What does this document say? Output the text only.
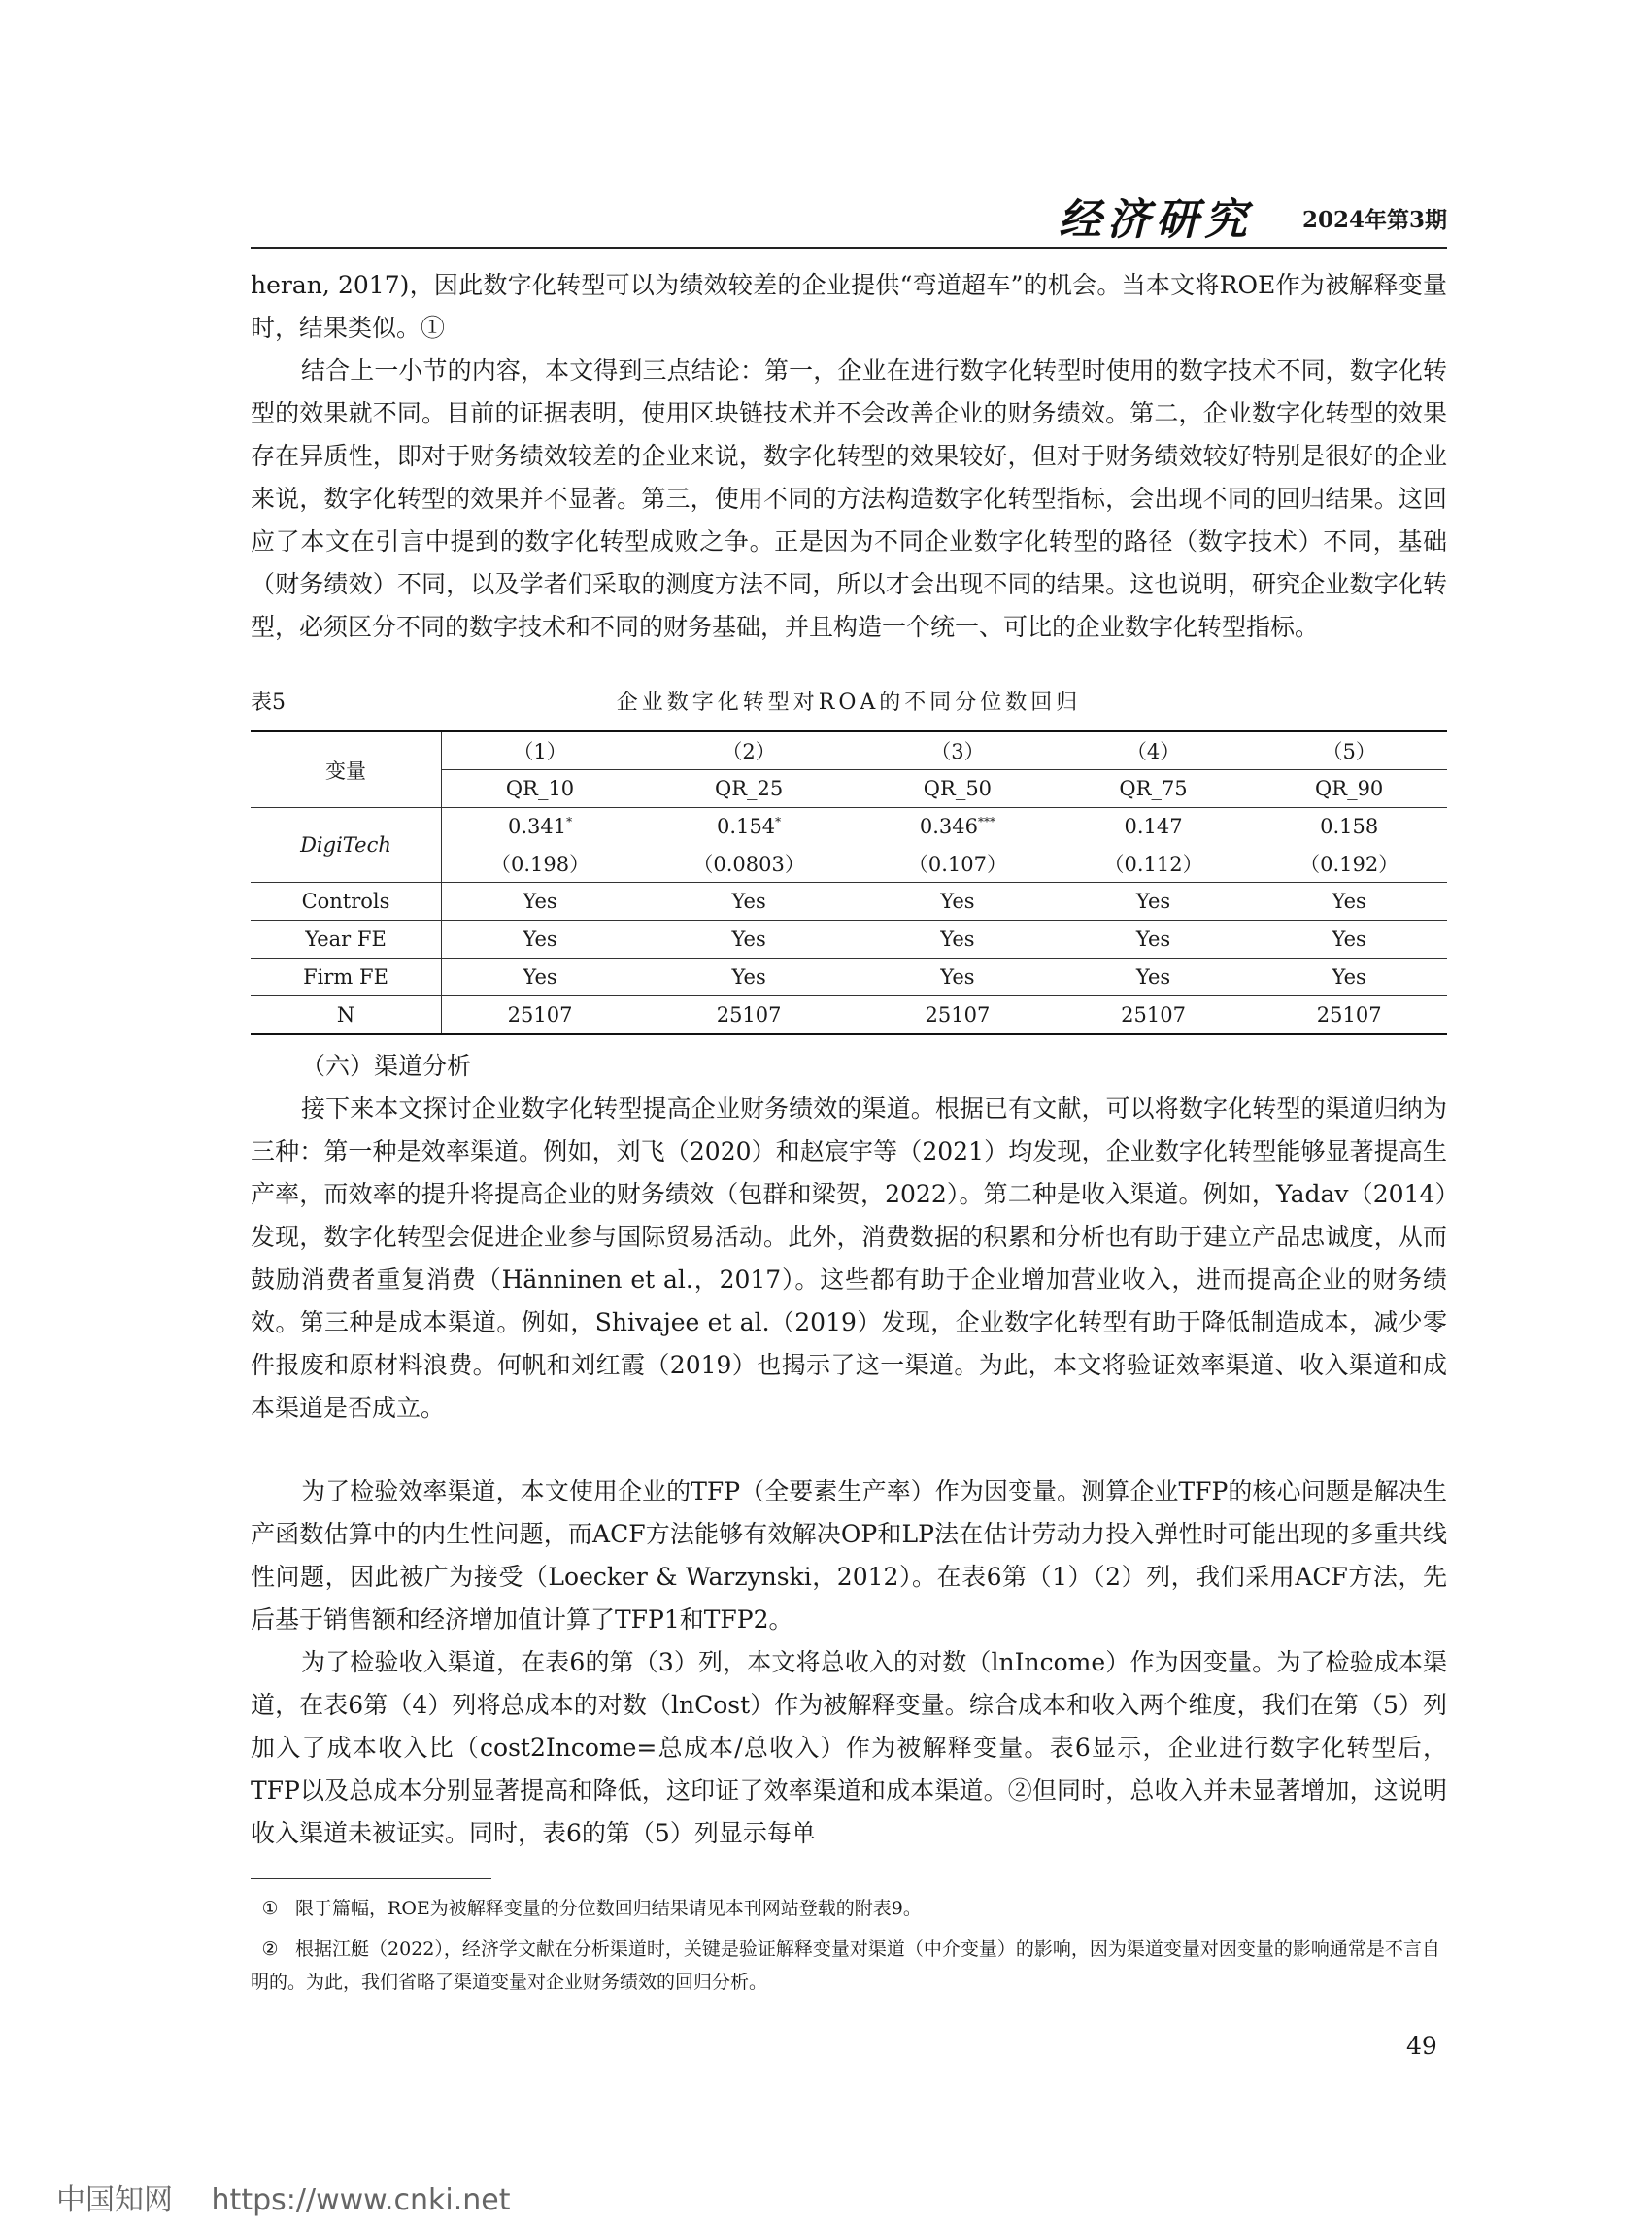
经济研究 2024年第3期

heran, 2017)，因此数字化转型可以为绩效较差的企业提供“弯道超车”的机会。当本文将ROE作为被解释变量时，结果类似。①

结合上一小节的内容，本文得到三点结论：第一，企业在进行数字化转型时使用的数字技术不同，数字化转型的效果就不同。目前的证据表明，使用区块链技术并不会改善企业的财务绩效。第二，企业数字化转型的效果存在异质性，即对于财务绩效较差的企业来说，数字化转型的效果较好，但对于财务绩效较好特别是很好的企业来说，数字化转型的效果并不显著。第三，使用不同的方法构造数字化转型指标，会出现不同的回归结果。这回应了本文在引言中提到的数字化转型成败之争。正是因为不同企业数字化转型的路径（数字技术）不同，基础（财务绩效）不同，以及学者们采取的测度方法不同，所以才会出现不同的结果。这也说明，研究企业数字化转型，必须区分不同的数字技术和不同的财务基础，并且构造一个统一、可比的企业数字化转型指标。

表5	企业数字化转型对ROA的不同分位数回归
变量	（1）	（2）	（3）	（4）	（5）
	QR_10	QR_25	QR_50	QR_75	QR_90
DigiTech	0.341*	0.154*	0.346***	0.147	0.158
	（0.198）	（0.0803）	（0.107）	（0.112）	（0.192）
Controls	Yes	Yes	Yes	Yes	Yes
Year FE	Yes	Yes	Yes	Yes	Yes
Firm FE	Yes	Yes	Yes	Yes	Yes
N	25107	25107	25107	25107	25107
（六）渠道分析

接下来本文探讨企业数字化转型提高企业财务绩效的渠道。根据已有文献，可以将数字化转型的渠道归纳为三种：第一种是效率渠道。例如，刘飞（2020）和赵宸宇等（2021）均发现，企业数字化转型能够显著提高生产率，而效率的提升将提高企业的财务绩效（包群和梁贺，2022）。第二种是收入渠道。例如，Yadav（2014）发现，数字化转型会促进企业参与国际贸易活动。此外，消费数据的积累和分析也有助于建立产品忠诚度，从而鼓励消费者重复消费（Hänninen et al.，2017）。这些都有助于企业增加营业收入，进而提高企业的财务绩效。第三种是成本渠道。例如，Shivajee et al.（2019）发现，企业数字化转型有助于降低制造成本，减少零件报废和原材料浪费。何帆和刘红霞（2019）也揭示了这一渠道。为此，本文将验证效率渠道、收入渠道和成本渠道是否成立。

为了检验效率渠道，本文使用企业的TFP（全要素生产率）作为因变量。测算企业TFP的核心问题是解决生产函数估算中的内生性问题，而ACF方法能够有效解决OP和LP法在估计劳动力投入弹性时可能出现的多重共线性问题，因此被广为接受（Loecker & Warzynski，2012）。在表6第（1）（2）列，我们采用ACF方法，先后基于销售额和经济增加值计算了TFP1和TFP2。

为了检验收入渠道，在表6的第（3）列，本文将总收入的对数（lnIncome）作为因变量。为了检验成本渠道，在表6第（4）列将总成本的对数（lnCost）作为被解释变量。综合成本和收入两个维度，我们在第（5）列加入了成本收入比（cost2Income=总成本/总收入）作为被解释变量。表6显示，企业进行数字化转型后，TFP以及总成本分别显著提高和降低，这印证了效率渠道和成本渠道。②但同时，总收入并未显著增加，这说明收入渠道未被证实。同时，表6的第（5）列显示每单

① 限于篇幅，ROE为被解释变量的分位数回归结果请见本刊网站登载的附表9。
② 根据江艇（2022），经济学文献在分析渠道时，关键是验证解释变量对渠道（中介变量）的影响，因为渠道变量对因变量的影响通常是不言自明的。为此，我们省略了渠道变量对企业财务绩效的回归分析。
49
中国知网 https://www.cnki.net
